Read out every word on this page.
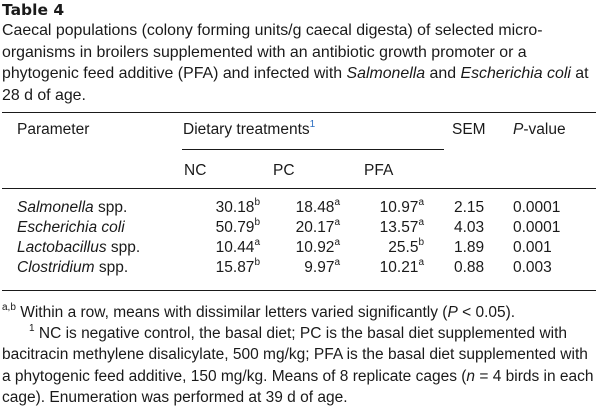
Table 4

Caecal populations (colony forming units/g caecal digesta) of selected micro-organisms in broilers supplemented with an antibiotic growth promoter or a phytogenic feed additive (PFA) and infected with Salmonella and Escherichia coli at 28 d of age.

Parameter	Dietary treatments$^1$	SEM P-value
NC	PC	PFA
Salmonella spp.	30.18$^b$ 18.48$^a$	10.97$^a$ 2.15 0.0001
Escherichia coli	50.79$^b$ 20.17$^a$	13.57$^a$ 4.03 0.0001
Lactobacillus spp.	10.44$^a$ 10.92$^a$	25.5$^b$ 1.89 0.001
Clostridium spp.	15.87$^b$	9.97$^a$	10.21$^a$ 0.88 0.003
$^{a,b}$ Within a row, means with dissimilar letters varied significantly (P < 0.05).
$^1$ NC is negative control, the basal diet; PC is the basal diet supplemented with bacitracin methylene disalicylate, 500 mg/kg; PFA is the basal diet supplemented with a phytogenic feed additive, 150 mg/kg. Means of 8 replicate cages (n = 4 birds in each cage). Enumeration was performed at 39 d of age.
